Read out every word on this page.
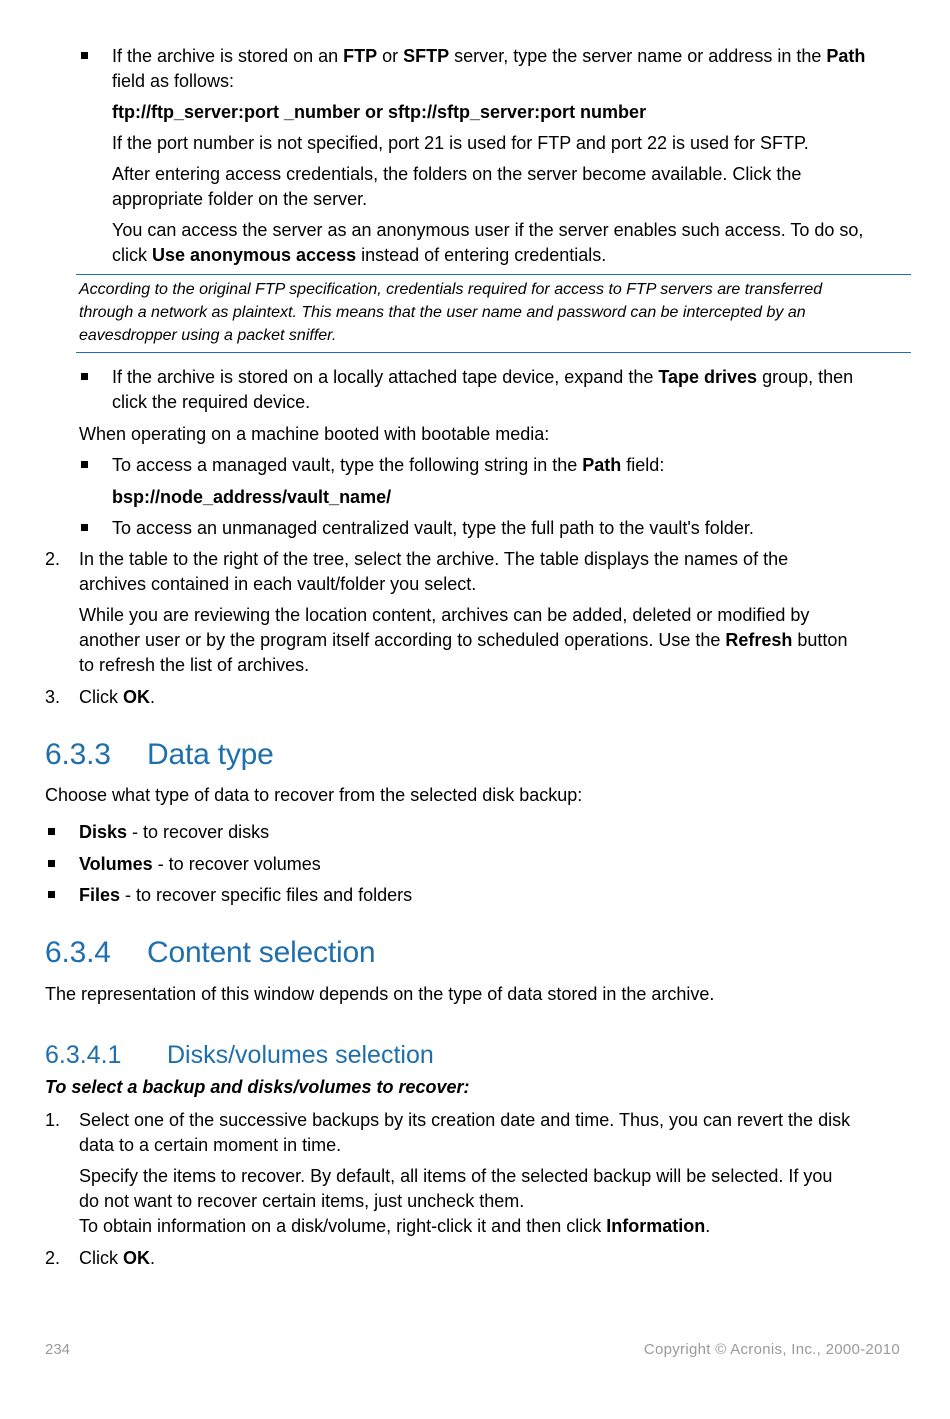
If the archive is stored on an FTP or SFTP server, type the server name or address in the Path
field as follows:
ftp://ftp_server:port _number or sftp://sftp_server:port number
If the port number is not specified, port 21 is used for FTP and port 22 is used for SFTP.
After entering access credentials, the folders on the server become available. Click the
appropriate folder on the server.
You can access the server as an anonymous user if the server enables such access. To do so,
click Use anonymous access instead of entering credentials.
According to the original FTP specification, credentials required for access to FTP servers are transferred
through a network as plaintext. This means that the user name and password can be intercepted by an
eavesdropper using a packet sniffer.
If the archive is stored on a locally attached tape device, expand the Tape drives group, then
click the required device.
When operating on a machine booted with bootable media:
To access a managed vault, type the following string in the Path field:
bsp://node_address/vault_name/
To access an unmanaged centralized vault, type the full path to the vault's folder.
2. In the table to the right of the tree, select the archive. The table displays the names of the
archives contained in each vault/folder you select.
While you are reviewing the location content, archives can be added, deleted or modified by
another user or by the program itself according to scheduled operations. Use the Refresh button
to refresh the list of archives.
3. Click OK.
6.3.3 Data type
Choose what type of data to recover from the selected disk backup:
Disks - to recover disks
Volumes - to recover volumes
Files - to recover specific files and folders
6.3.4 Content selection
The representation of this window depends on the type of data stored in the archive.
6.3.4.1 Disks/volumes selection
To select a backup and disks/volumes to recover:
1. Select one of the successive backups by its creation date and time. Thus, you can revert the disk
data to a certain moment in time.
Specify the items to recover. By default, all items of the selected backup will be selected. If you
do not want to recover certain items, just uncheck them.
To obtain information on a disk/volume, right-click it and then click Information.
2. Click OK.
234	Copyright © Acronis, Inc., 2000-2010
